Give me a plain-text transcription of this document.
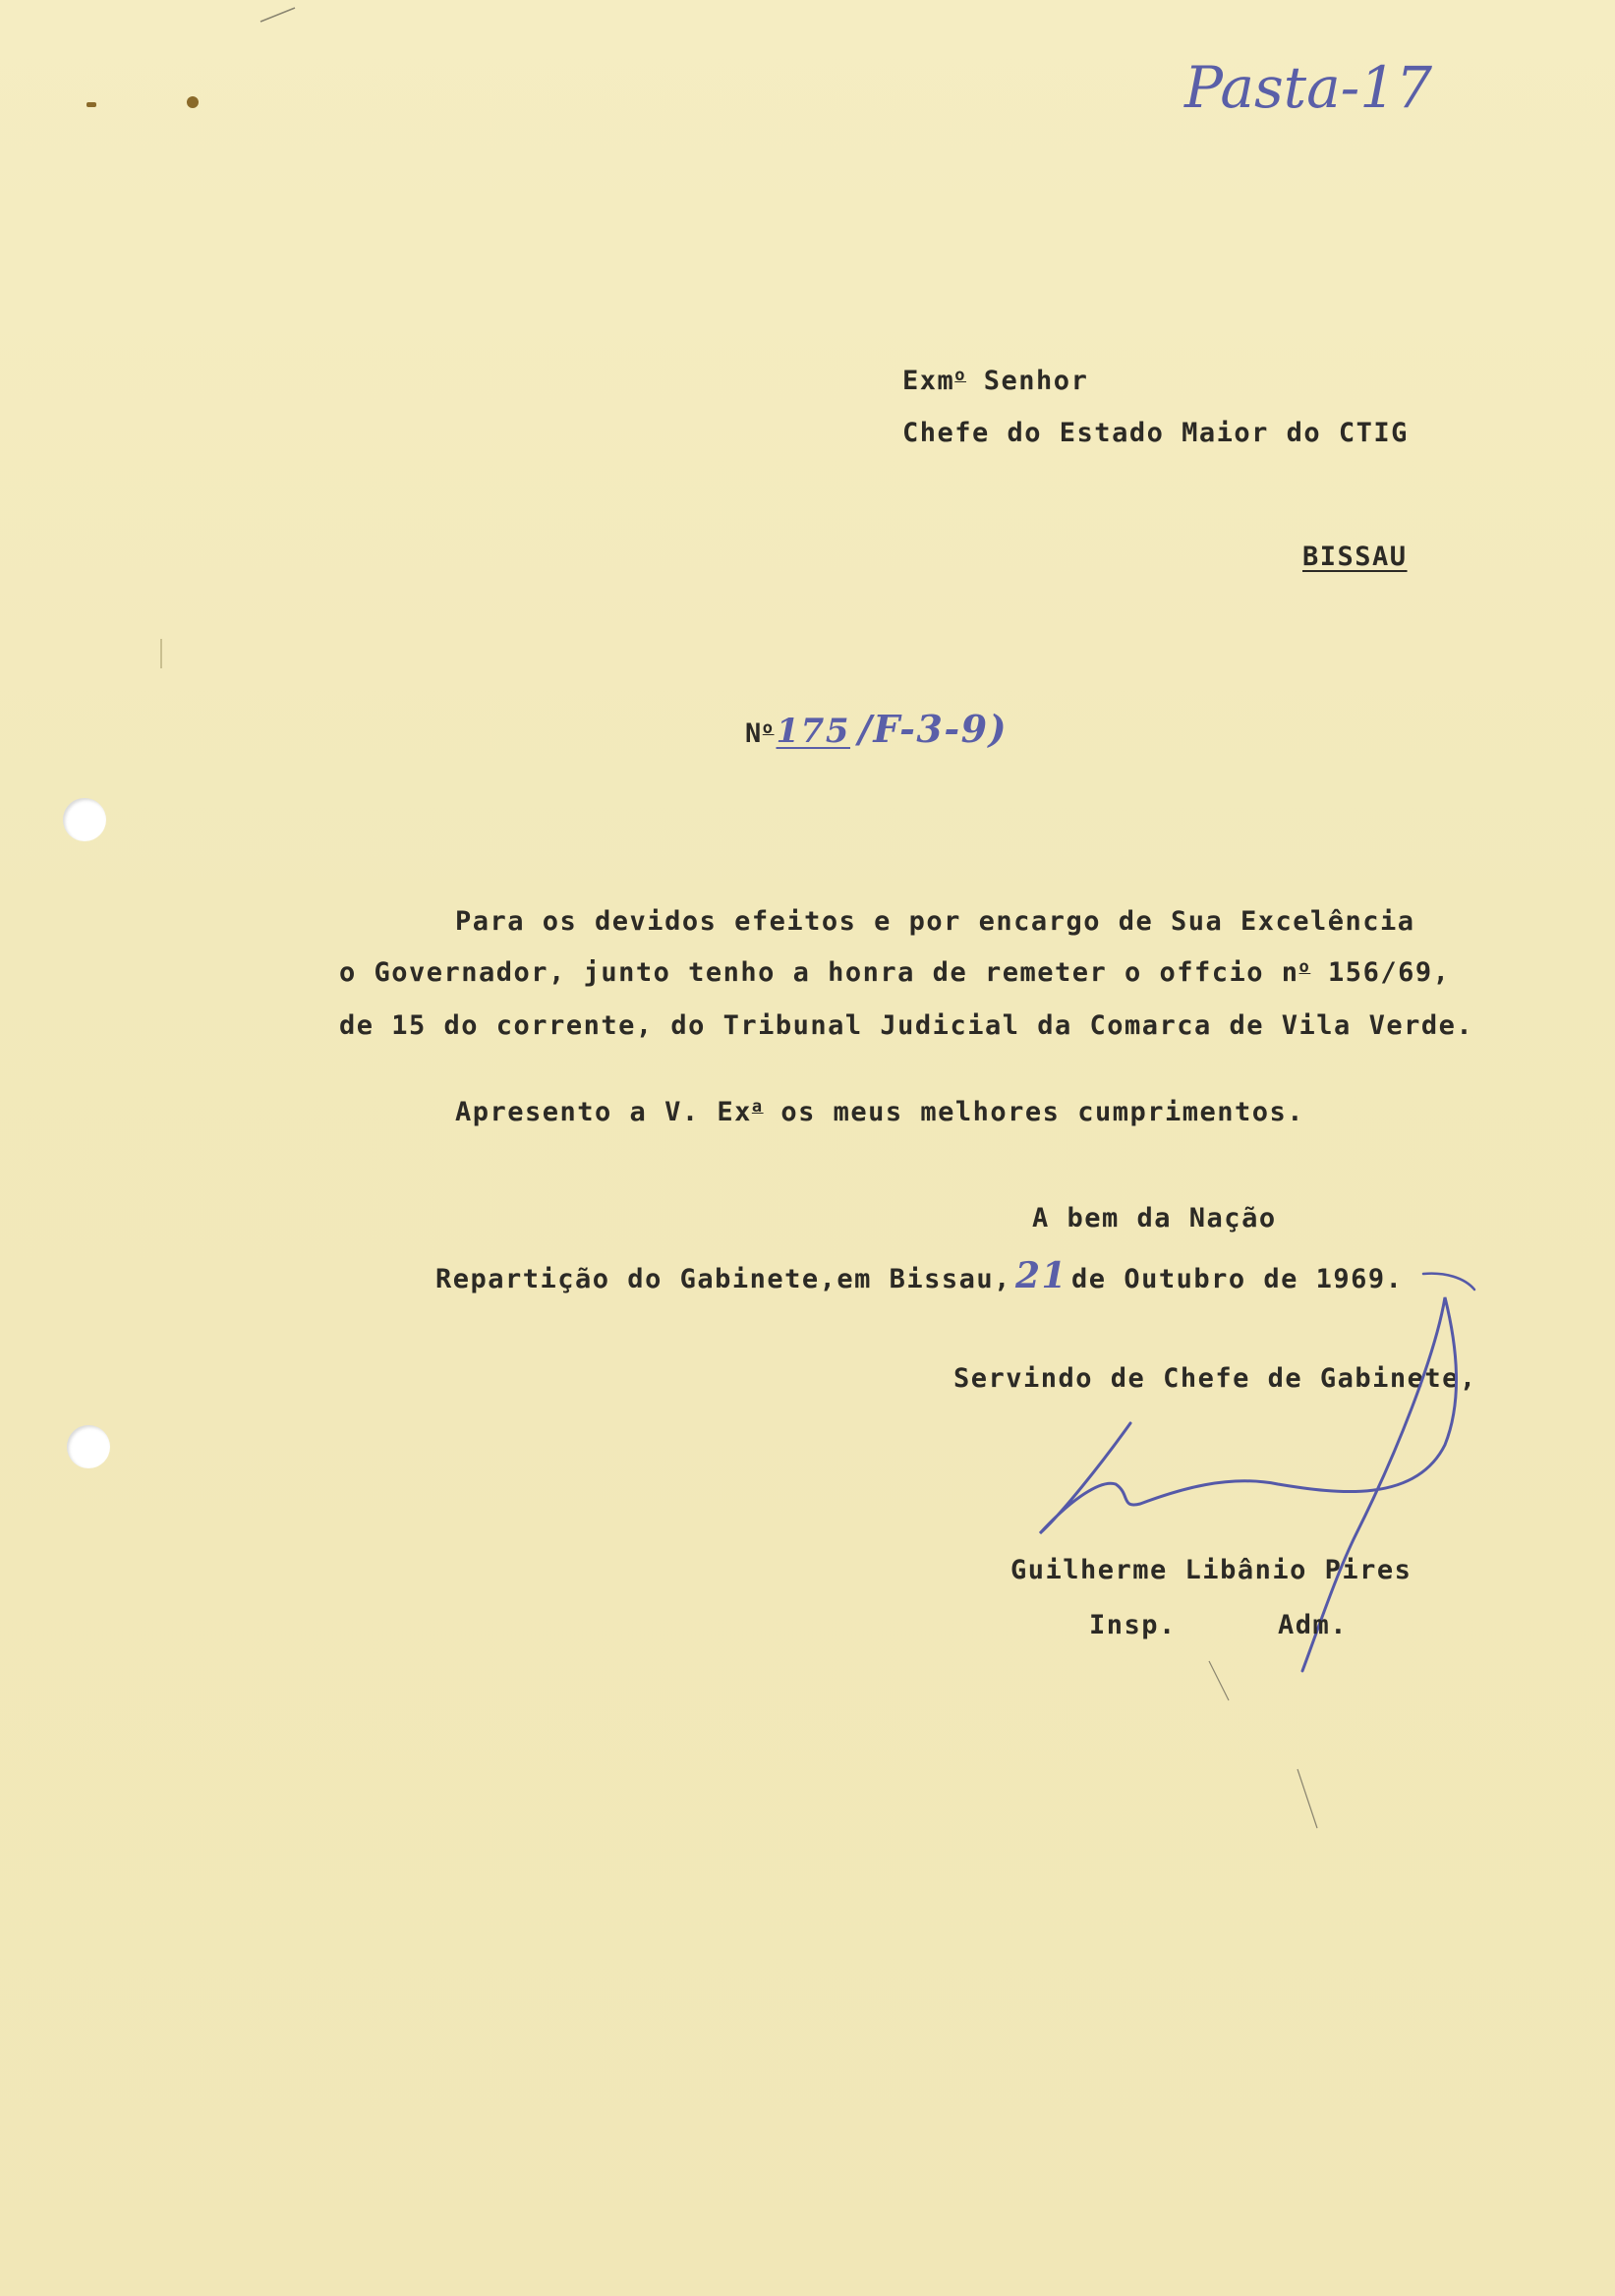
Pasta-17
Exm$^o$ Senhor
Chefe do Estado Maior do CTIG
BISSAU
$N^o175$ /F-3-9)
Para os devidos efeitos e por encargo de Sua Excelência
o Governador, junto tenho a honra de remeter o offcio $n^o$ 156/69,
de 15 do corrente, do Tribunal Judicial da Comarca de Vila Verde.
Apresento a V. Ex$^a$ os meus melhores cumprimentos.
A bem da Nação
Repartição do Gabinete,em Bissau, 21 de Outubro de 1969.
Servindo de Chefe de Gabinete,
Guilherme Libânio Pires
Insp.	Adm.
